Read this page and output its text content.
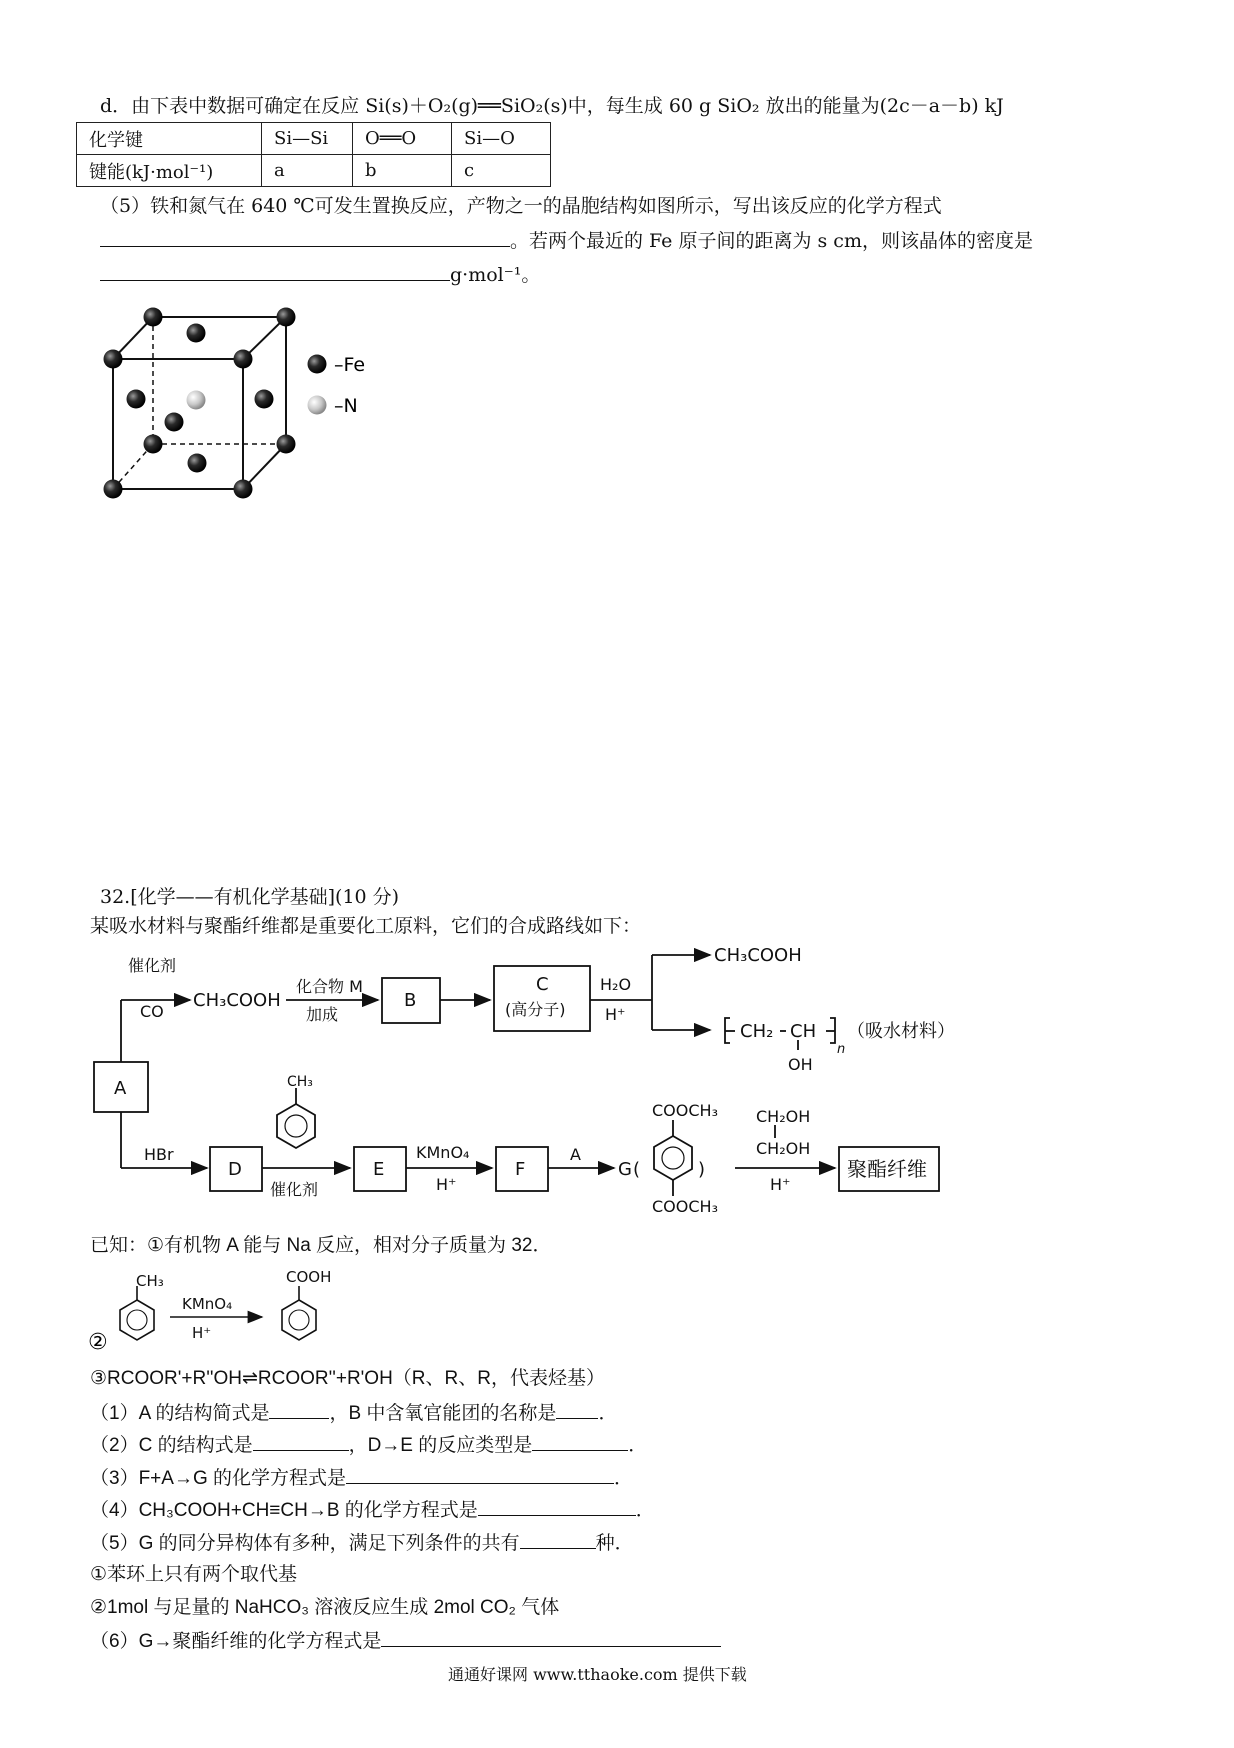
d．由下表中数据可确定在反应 Si(s)＋O₂(g)══SiO₂(s)中，每生成 60 g SiO₂ 放出的能量为(2c－a－b) kJ
化学键	Si—Si	O══O	Si—O
键能(kJ·mol⁻¹)	a	b	c
（5）铁和氮气在 640 ℃可发生置换反应，产物之一的晶胞结构如图所示，写出该反应的化学方程式
。若两个最近的 Fe 原子间的距离为 s cm，则该晶体的密度是
g·mol⁻¹。
–Fe
–N
32.[化学——有机化学基础](10 分)
某吸水材料与聚酯纤维都是重要化工原料，它们的合成路线如下：
催化剂
CO
CH₃COOH
化合物 M
加成
B
C
(高分子)
H₂O
H⁺
CH₃COOH
CH₂ CH
OH
n
（吸水材料）
A
HBr
D
CH₃
催化剂
E
KMnO₄
H⁺
F
A
G (	)
COOCH₃
COOCH₃
CH₂OH
CH₂OH
H⁺
聚酯纤维
已知：①有机物 A 能与 Na 反应，相对分子质量为 32．
②
CH₃	COOH
KMnO₄
H⁺
③RCOOR'+R''OH⇌RCOOR''+R'OH（R、R、R，代表烃基）
（1）A 的结构简式是	，B 中含氧官能团的名称是 ．
（2）C 的结构式是	，D→E 的反应类型是	．
（3）F+A→G 的化学方程式是	．
（4）CH₃COOH+CH≡CH→B 的化学方程式是	．
（5）G 的同分异构体有多种，满足下列条件的共有	种．
①苯环上只有两个取代基
②1mol 与足量的 NaHCO₃ 溶液反应生成 2mol CO₂ 气体
（6）G→聚酯纤维的化学方程式是
通通好课网 www.tthaoke.com 提供下载
